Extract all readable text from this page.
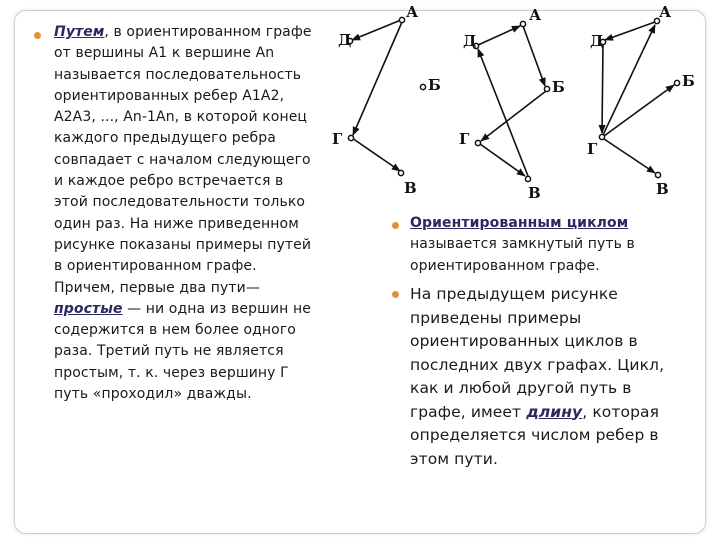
Путем, в ориентированном графе от вершины А1 к вершине Аn называется последовательность ориентированных ребер А1А2, А2А3, ..., Аn-1Аn, в которой конец каждого предыдущего ребра совпадает с началом следующего и каждое ребро встречается в этой последовательности только один раз. На ниже приведенном рисунке показаны примеры путей в ориентированном графе. Причем, первые два пути— простые — ни одна из вершин не содержится в нем более одного раза. Третий путь не является простым, т. к. через вершину Г путь «проходил» дважды.
А
Д
Б
Г
В
А
Д
Б
Г
В
А
Д
Б
Г
В
Ориентированным циклом называется замкнутый путь в ориентированном графе.
На предыдущем рисунке приведены примеры ориентированных циклов в последних двух графах. Цикл, как и любой другой путь в графе, имеет длину, которая определяется числом ребер в этом пути.
